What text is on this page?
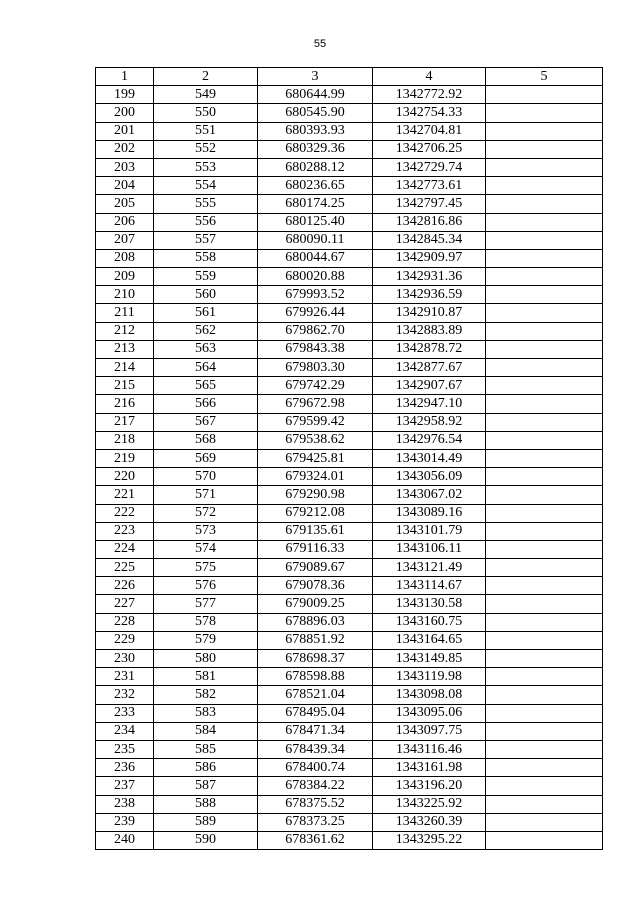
55
1	2	3	4	5
199	549	680644.99	1342772.92	
200	550	680545.90	1342754.33	
201	551	680393.93	1342704.81	
202	552	680329.36	1342706.25	
203	553	680288.12	1342729.74	
204	554	680236.65	1342773.61	
205	555	680174.25	1342797.45	
206	556	680125.40	1342816.86	
207	557	680090.11	1342845.34	
208	558	680044.67	1342909.97	
209	559	680020.88	1342931.36	
210	560	679993.52	1342936.59	
211	561	679926.44	1342910.87	
212	562	679862.70	1342883.89	
213	563	679843.38	1342878.72	
214	564	679803.30	1342877.67	
215	565	679742.29	1342907.67	
216	566	679672.98	1342947.10	
217	567	679599.42	1342958.92	
218	568	679538.62	1342976.54	
219	569	679425.81	1343014.49	
220	570	679324.01	1343056.09	
221	571	679290.98	1343067.02	
222	572	679212.08	1343089.16	
223	573	679135.61	1343101.79	
224	574	679116.33	1343106.11	
225	575	679089.67	1343121.49	
226	576	679078.36	1343114.67	
227	577	679009.25	1343130.58	
228	578	678896.03	1343160.75	
229	579	678851.92	1343164.65	
230	580	678698.37	1343149.85	
231	581	678598.88	1343119.98	
232	582	678521.04	1343098.08	
233	583	678495.04	1343095.06	
234	584	678471.34	1343097.75	
235	585	678439.34	1343116.46	
236	586	678400.74	1343161.98	
237	587	678384.22	1343196.20	
238	588	678375.52	1343225.92	
239	589	678373.25	1343260.39	
240	590	678361.62	1343295.22	
